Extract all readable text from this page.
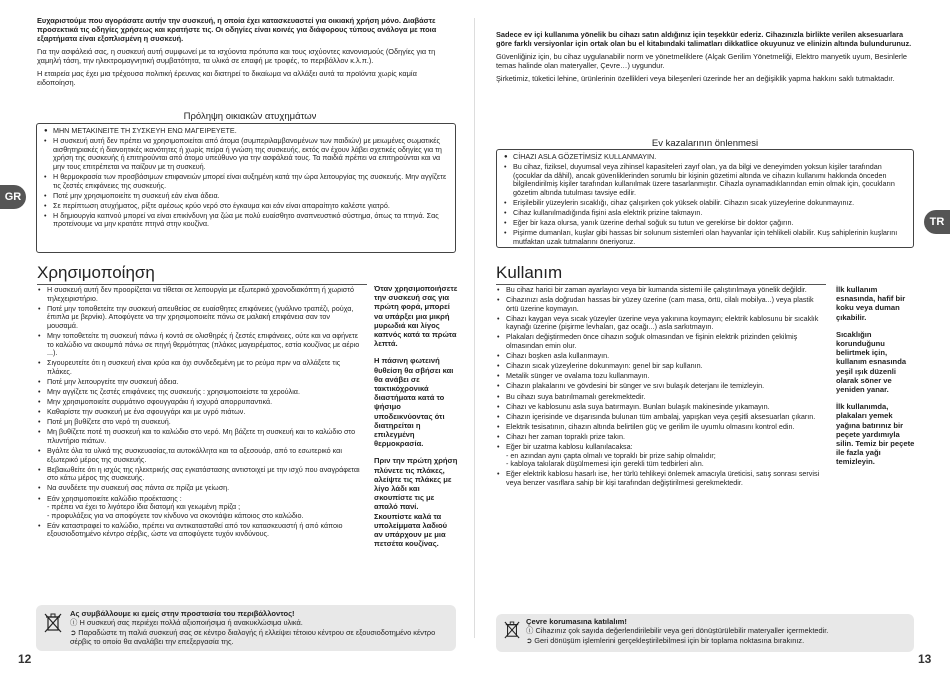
Ευχαριστούμε που αγοράσατε αυτήν την συσκευή, η οποία έχει κατασκευαστεί για οικιακή χρήση μόνο. Διαβάστε προσεκτικά τις οδηγίες χρήσεως και κρατήστε τις. Οι οδηγίες είναι κοινές για διάφορους τύπους ανάλογα με ποια εξαρτήματα είναι εξοπλισμένη η συσκευή.

Για την ασφάλειά σας, η συσκευή αυτή συμφωνεί με τα ισχύοντα πρότυπα και τους ισχύοντες κανονισμούς (Οδηγίες για τη χαμηλή τάση, την ηλεκτρομαγνητική συμβατότητα, τα υλικά σε επαφή με τροφές, το περιβάλλον κ.λ.π.).

Η εταιρεία μας έχει μια τρέχουσα πολιτική έρευνας και διατηρεί το δικαίωμα να αλλάξει αυτά τα προϊόντα χωρίς καμία ειδοποίηση.

Πρόληψη οικιακών ατυχημάτων
● ΜΗΝ ΜΕΤΑΚΙΝΕΙΤΕ ΤΗ ΣΥΣΚΕΥΗ ΕΝΩ ΜΑΓΕΙΡΕΥΕΤΕ.
• Η συσκευή αυτή δεν πρέπει να χρησιμοποιείται από άτομα (συμπεριλαμβανομένων των παιδιών) με μειωμένες σωματικές αισθητηριακές ή διανοητικές ικανότητες ή χωρίς πείρα ή γνώση της συσκευής, εκτός αν έχουν λάβει σχετικές οδηγίες για τη χρήση της συσκευής ή επιτηρούνται από άτομο υπεύθυνο για την ασφάλειά τους. Τα παιδιά πρέπει να επιτηρούνται και να μην τους επιτρέπεται να παίζουν με τη συσκευή.
• Η θερμοκρασία των προσβάσιμων επιφανειών μπορεί είναι αυξημένη κατά την ώρα λειτουργίας της συσκευής. Μην αγγίζετε τις ζεστές επιφάνειες της συσκευής.
• Ποτέ μην χρησιμοποιείτε τη συσκευή εάν είναι άδεια.
• Σε περίπτωση ατυχήματος, ρίξτε αμέσως κρύο νερό στο έγκαυμα και εάν είναι απαραίτητο καλέστε γιατρό.
• Η δημιουργία καπνού μπορεί να είναι επικίνδυνη για ζώα με πολύ ευαίσθητο αναπνευστικό σύστημα, όπως τα πτηνά. Σας προτείνουμε να μην κρατάτε πτηνά στην κουζίνα.
GR
Χρησιμοποίηση
• Η συσκευή αυτή δεν προορίζεται να τίθεται σε λειτουργία με εξωτερικό χρονοδιακόπτη ή χωριστό τηλεχειριστήριο.
• Ποτέ μην τοποθετείτε την συσκευή απευθείας σε ευαίσθητες επιφάνειες (γυάλινο τραπέζι, ρούχα, έπιπλα με βερνίκι). Αποφύγετε να την χρησιμοποιείτε πάνω σε μαλακή επιφάνεια σαν τον μουσαμά.
• Μην τοποθετείτε τη συσκευή πάνω ή κοντά σε ολισθηρές ή ζεστές επιφάνειες, ούτε και να αφήνετε το καλώδιο να ακουμπά πάνω σε πηγή θερμότητας (πλάκες μαγειρέματος, εστία κουζίνας με αέριο ...).
• Σιγουρευτείτε ότι η συσκευή είναι κρύα και όχι συνδεδεμένη με το ρεύμα πριν να αλλάξετε τις πλάκες.
• Ποτέ μην λειτουργείτε την συσκευή άδεια.
• Μην αγγίζετε τις ζεστές επιφάνειες της συσκευής : χρησιμοποιείστε τα χερούλια.
• Μην χρησιμοποιείτε συρμάτινο σφουγγαράκι ή ισχυρά απορρυπαντικά.
• Καθαρίστε την συσκευή με ένα σφουγγάρι και με υγρό πιάτων.
• Ποτέ μη βυθίζετε στο νερό τη συσκευή.
• Μη βυθίζετε ποτέ τη συσκευή και το καλώδιο στο νερό. Μη βάζετε τη συσκευή και το καλώδιο στο πλυντήριο πιάτων.
• Βγάλτε όλα τα υλικά της συσκευασίας,τα αυτοκόλλητα και τα αξεσουάρ, από το εσωτερικό και εξωτερικό μέρος της συσκευής.
• Βεβαιωθείτε ότι η ισχύς της ηλεκτρικής σας εγκατάστασης αντιστοιχεί με την ισχύ που αναγράφεται στο κάτω μέρος της συσκευής.
• Να συνδέετε την συσκευή σας πάντα σε πρίζα με γείωση.
• Εάν χρησιμοποιείτε καλώδιο προέκτασης :
- πρέπει να έχει το λιγότερο ίδια διατομή και γειωμένη πρίζα ;
- προφυλάξεις για να αποφύγετε τον κίνδυνο να σκοντάψει κάποιος στο καλώδιο.
• Εάν καταστραφεί το καλώδιο, πρέπει να αντικατασταθεί από τον κατασκευαστή ή από κάποιο εξουσιοδοτημένο κέντρο σέρβις, ώστε να αποφύγετε τυχόν κινδύνους.

Όταν χρησιμοποιήσετε την συσκευή σας για πρώτη φορά, μπορεί να υπάρξει μια μικρή μυρωδιά και λίγος καπνός κατά τα πρώτα λεπτά.

Η πάσινη φωτεινή θυθείση θα σβήσει και θα ανάβει σε τακτικόχρονικά διαστήματα κατά το ψήσιμο υποδεικνύοντας ότι διατηρείται η επιλεγμένη θερμοκρασία.

Πριν την πρώτη χρήση πλύνετε τις πλάκες, αλείψτε τις πλάκες με λίγο λάδι και σκουπίστε τις με απαλό πανί. Σκουπίστε καλά τα υπολείμματα λαδιού αν υπάρχουν με μια πετσέτα κουζίνας.

Ας συμβάλλουμε κι εμείς στην προστασία του περιβάλλοντος!
ⓘ Η συσκευή σας περιέχει πολλά αξιοποιήσιμα ή ανακυκλώσιμα υλικά.
➲ Παραδώστε τη παλιά συσκευή σας σε κέντρο διαλογής ή ελλείψει τέτοιου κέντρου σε εξουσιοδοτημένο κέντρο σέρβις το οποίο θα αναλάβει την επεξεργασία της.
12

Sadece ev içi kullanıma yönelik bu cihazı satın aldığınız için teşekkür ederiz. Cihazınızla birlikte verilen aksesuarlara göre farklı versiyonlar için ortak olan bu el kitabındaki talimatları dikkatlice okuyunuz ve elinizin altında bulundurunuz.

Güvenliğiniz için, bu cihaz uygulanabilir norm ve yönetmeliklere (Alçak Gerilim Yönetmeliği, Elektro manyetik uyum, Besinlerle temas halinde olan materyaller, Çevre…) uygundur.

Şirketimiz, tüketici lehine, ürünlerinin özellikleri veya bileşenleri üzerinde her an değişiklik yapma hakkını saklı tutmaktadır.

Ev kazalarının önlenmesi
● CİHAZI ASLA GÖZETİMSİZ KULLANMAYIN.
• Bu cihaz, fiziksel, duyumsal veya zihinsel kapasiteleri zayıf olan, ya da bilgi ve deneyimden yoksun kişiler tarafından (çocuklar da dâhil), ancak güvenliklerinden sorumlu bir kişinin gözetimi altında ve cihazın kullanımı hakkında önceden bilgilendirilmiş kişiler tarafından kullanılmak üzere tasarlanmıştır. Cihazla oynamadıklarından emin olmak için, çocukların gözetim altında tutulması tavsiye edilir.
• Erişilebilir yüzeylerin sıcaklığı, cihaz çalışırken çok yüksek olabilir. Cihazın sıcak yüzeylerine dokunmayınız.
• Cihaz kullanılmadığında fişini asla elektrik prizine takmayın.
• Eğer bir kaza olursa, yanık üzerine derhal soğuk su tutun ve gerekirse bir doktor çağırın.
• Pişirme dumanları, kuşlar gibi hassas bir solunum sistemleri olan hayvanlar için tehlikeli olabilir. Kuş sahiplerinin kuşlarını mutfaktan uzak tutmalarını öneriyoruz.
TR
Kullanım
• Bu cihaz harici bir zaman ayarlayıcı veya bir kumanda sistemi ile çalıştırılmaya yönelik değildir.
• Cihazınızı asla doğrudan hassas bir yüzey üzerine (cam masa, örtü, cilalı mobilya...) veya plastik örtü üzerine koymayın.
• Cihazı kaygan veya sıcak yüzeyler üzerine veya yakınına koymayın; elektrik kablosunu bir sıcaklık kaynağı üzerine (pişirme levhaları, gaz ocağı...) asla sarkıtmayın.
• Plakaları değiştirmeden önce cihazın soğuk olmasından ve fişinin elektrik prizinden çekilmiş olmasından emin olur.
• Cihazı boşken asla kullanmayın.
• Cihazın sıcak yüzeylerine dokunmayın: genel bir sap kullanın.
• Metalik sünger ve ovalama tozu kullanmayın.
• Cihazın plakalarını ve gövdesini bir sünger ve sıvı bulaşık deterjanı ile temizleyin.
• Bu cihazı suya batırılmamalı gerekmektedir.
• Cihazı ve kablosunu asla suya batırmayın. Bunları bulaşık makinesinde yıkamayın.
• Cihazın içerisinde ve dışarısında bulunan tüm ambalaj, yapışkan veya çeşitli aksesuarları çıkarın.
• Elektrik tesisatının, cihazın altında belirtilen güç ve gerilim ile uyumlu olmasını kontrol edin.
• Cihazı her zaman topraklı prize takın.
• Eğer bir uzatma kablosu kullanılacaksa:
- en azından aynı çapta olmalı ve topraklı bir prize sahip olmalıdır;
- kabloya takılarak düşülmemesi için gerekli tüm tedbirleri alın.
• Eğer elektrik kablosu hasarlı ise, her türlü tehlikeyi önlemek amacıyla üreticisi, satış sonrası servisi veya benzer vasıflara sahip bir kişi tarafından değiştirilmesi gerekmektedir.

İlk kullanım esnasında, hafif bir koku veya duman çıkabilir.

Sıcaklığın korunduğunu belirtmek için, kullanım esnasında yeşil ışık düzenli olarak söner ve yeniden yanar.

İlk kullanımda, plakaları yemek yağına batırınız bir peçete yardımıyla silin. Temiz bir peçete ile fazla yağı temizleyin.

Çevre korumasına katılalım!
ⓘ Cihazınız çok sayıda değerlendirilebilir veya geri dönüştürülebilir materyaller içermektedir.
➲ Geri dönüşüm işlemlerini gerçekleştirilebilmesi için bir toplama noktasına bırakınız.
13
